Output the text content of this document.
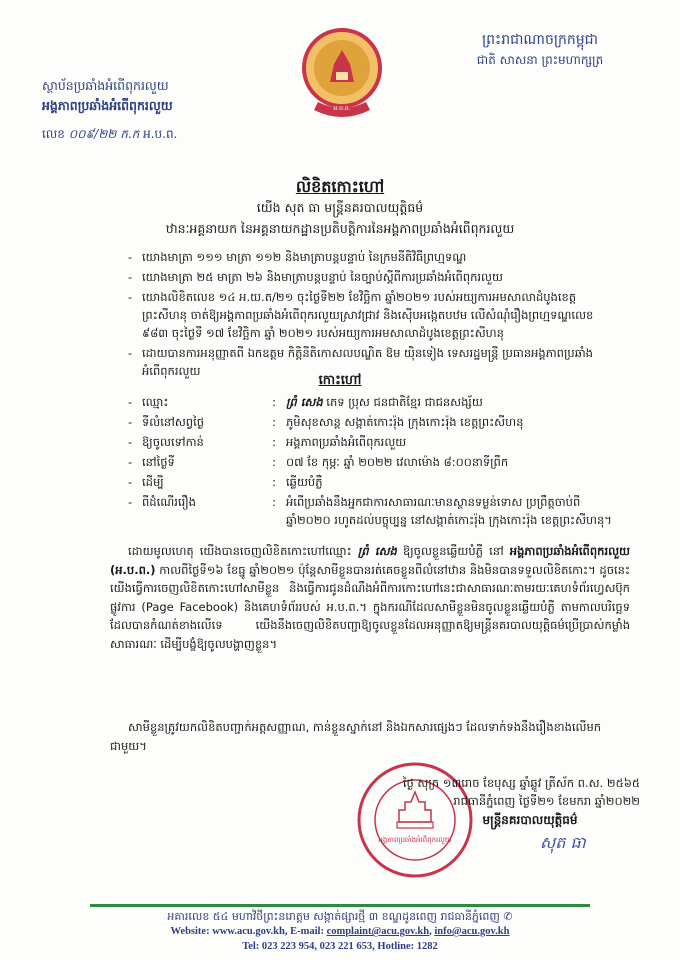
ព្រះរាជាណាចក្រកម្ពុជា
ជាតិ សាសនា ព្រះមហាក្សត្រ
អ.ប.ព.
ស្ថាប័នប្រឆាំងអំពើពុករលួយ
អង្គភាពប្រឆាំងអំពើពុករលួយ
លេខ ០០៩/២២ ក.ក អ.ប.ព.
លិខិតកោះហៅ
យើង សុត ធា មន្ត្រីនគរបាលយុត្តិធម៌
ឋានៈអគ្គនាយក នៃអគ្គនាយកដ្ឋានប្រតិបត្តិការនៃអង្គភាពប្រឆាំងអំពើពុករលួយ
- យោងមាត្រា ១១១ មាត្រា ១១២ និងមាត្រាបន្តបន្ទាប់ នៃក្រមនីតិវិធីព្រហ្មទណ្ឌ
- យោងមាត្រា ២៥ មាត្រា ២៦ និងមាត្រាបន្តបន្ទាប់ នៃច្បាប់ស្តីពីការប្រឆាំងអំពើពុករលួយ
- យោងលិខិតលេខ ១៤ អ.យ.ត/២១ ចុះថ្ងៃទី២២ ខែវិច្ឆិកា ឆ្នាំ២០២១ របស់អយ្យការអមសាលាដំបូងខេត្តព្រះសីហនុ ចាត់ឱ្យអង្គភាពប្រឆាំងអំពើពុករលួយស្រាវជ្រាវ និងស៊ើបអង្កេតបឋម លើសំណុំរឿងព្រហ្មទណ្ឌលេខ ៩៨៣ ចុះថ្ងៃទី ១៧ ខែវិច្ឆិកា ឆ្នាំ ២០២១ របស់អយ្យការអមសាលាដំបូងខេត្តព្រះសីហនុ
- ដោយបានការអនុញ្ញាតពី ឯកឧត្តម កិត្តិនីតិកោសលបណ្ឌិត ឱម យ៉ិនទៀង ទេសរដ្ឋមន្ត្រី ប្រធានអង្គភាពប្រឆាំងអំពើពុករលួយ
កោះហៅ
- ឈ្មោះ	:	ព្រំ សេង ភេទ ប្រុស ជនជាតិខ្មែរ ជាជនសង្ស័យ
- ទីលំនៅសព្វថ្ងៃ	:	ភូមិសុខសាន្ត សង្កាត់កោះរ៉ុង ក្រុងកោះរ៉ុង ខេត្តព្រះសីហនុ
- ឱ្យចូលទៅកាន់	:	អង្គភាពប្រឆាំងអំពើពុករលួយ
- នៅថ្ងៃទី	:	០៧ ខែ កុម្ភៈ ឆ្នាំ ២០២២ វេលាម៉ោង ៨:០០នាទីព្រឹក
- ដើម្បី	:	ឆ្លើយបំភ្លឺ
- ពីដំណើររឿង	:	អំពើប្រឆាំងនឹងអ្នកជាការសាធារណៈមានស្ថានទម្ងន់ទោស ប្រព្រឹត្តចាប់ពី ឆ្នាំ២០២០ រហូតដល់បច្ចុប្បន្ន នៅសង្កាត់កោះរ៉ុង ក្រុងកោះរ៉ុង ខេត្តព្រះសីហនុ។
ដោយមូលហេតុ យើងបានចេញលិខិតកោះហៅឈ្មោះ ព្រំ សេង ឱ្យចូលខ្លួនឆ្លើយបំភ្លឺ នៅ អង្គភាពប្រឆាំងអំពើពុករលួយ (អ.ប.ព.) កាលពីថ្ងៃទី១៦ ខែធ្នូ ឆ្នាំ២០២១ ប៉ុន្តែសាមីខ្លួនបានរត់គេចខ្លួនពីលំនៅឋាន និងមិនបានទទួលលិខិតកោះ។ ដូចនេះយើងធ្វើការចេញលិខិតកោះហៅសាមីខ្លួន និងធ្វើការជូនដំណឹងអំពីការកោះហៅនេះជាសាធារណៈតាមរយៈគេហទំព័រហ្វេសប៊ុកផ្លូវការ (Page Facebook) និងគេហទំព័ររបស់ អ.ប.ព.។ ក្នុងករណីដែលសាមីខ្លួនមិនចូលខ្លួនឆ្លើយបំភ្លឺ តាមកាលបរិច្ឆេទ ដែលបានកំណត់ខាងលើទេ យើងនឹងចេញលិខិតបញ្ជាឱ្យចូលខ្លួនដែលអនុញ្ញាតឱ្យមន្ត្រីនគរបាលយុត្តិធម៌ប្រើប្រាស់កម្លាំងសាធារណៈ ដើម្បីបង្ខំឱ្យចូលបង្ហាញខ្លួន។
សាមីខ្លួនត្រូវយកលិខិតបញ្ជាក់អត្តសញ្ញាណ, កាន់ខ្លួនស្នាក់នៅ និងឯកសារផ្សេងៗ ដែលទាក់ទងនឹងរឿងខាងលើមកជាមួយ។
អង្គភាពប្រឆាំងអំពើពុករលួយ
ថ្ងៃ សុក្រ ១៣រោច ខែបុស្ស ឆ្នាំឆ្លូវ ត្រីស័ក ព.ស. ២៥៦៥
រាជធានីភ្នំពេញ ថ្ងៃទី២១ ខែមករា ឆ្នាំ២០២២
មន្ត្រីនគរបាលយុត្តិធម៌
សុត ធា
អគារលេខ ៥៤ មហាវិថីព្រះនរោត្តម សង្កាត់ផ្សារថ្មី ៣ ខណ្ឌដូនពេញ រាជធានីភ្នំពេញ ✆
Website: www.acu.gov.kh, E-mail: complaint@acu.gov.kh, info@acu.gov.kh
Tel: 023 223 954, 023 221 653, Hotline: 1282
